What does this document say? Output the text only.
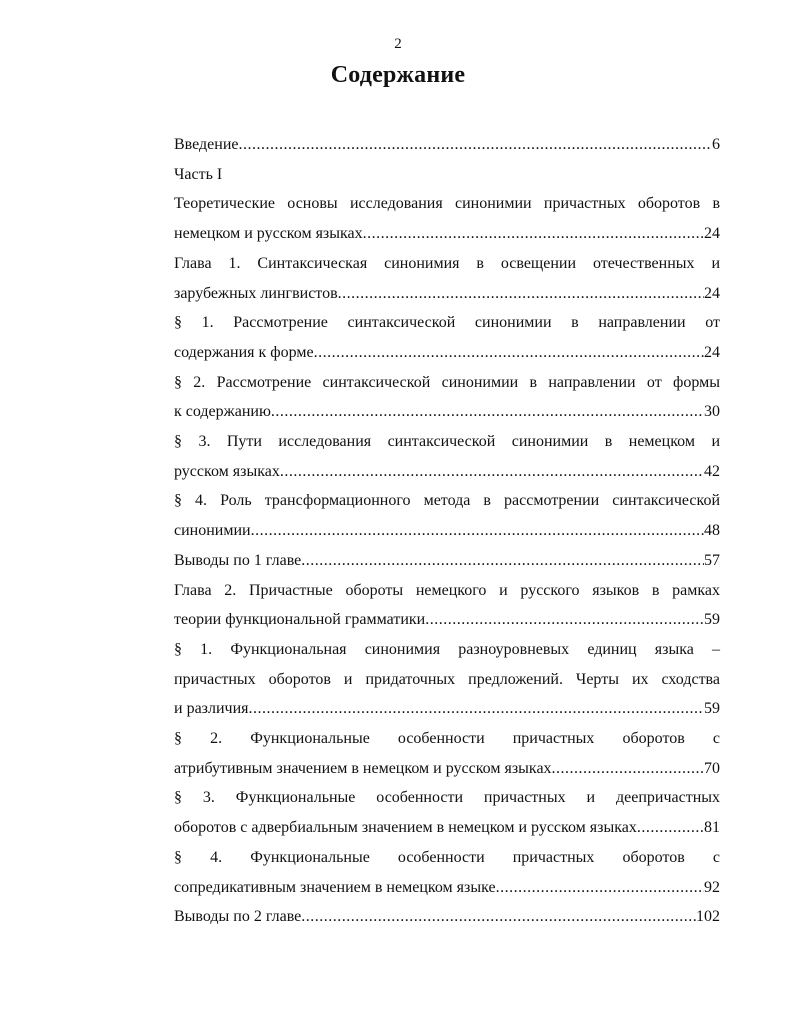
2
Содержание
Введение .....	6
Часть I
Теоретические основы исследования синонимии причастных оборотов в
немецком и русском языках .....	24
Глава 1. Синтаксическая синонимия в освещении отечественных и
зарубежных лингвистов .....	24
§ 1. Рассмотрение синтаксической синонимии в направлении от
содержания к форме .....	24
§ 2. Рассмотрение синтаксической синонимии в направлении от формы
к содержанию .....	30
§ 3. Пути исследования синтаксической синонимии в немецком и
русском языках .....	42
§ 4. Роль трансформационного метода в рассмотрении синтаксической
синонимии .....	48
Выводы по 1 главе .....	57
Глава 2. Причастные обороты немецкого и русского языков в рамках
теории функциональной грамматики .....	59
§ 1. Функциональная синонимия разноуровневых единиц языка –
причастных оборотов и придаточных предложений. Черты их сходства
и различия .....	59
§ 2. Функциональные особенности причастных оборотов с
атрибутивным значением в немецком и русском языках .....	70
§ 3. Функциональные особенности причастных и деепричастных
оборотов с адвербиальным значением в немецком и русском языках .....	81
§ 4. Функциональные особенности причастных оборотов с
сопредикативным значением в немецком языке .....	92
Выводы по 2 главе .....	102
